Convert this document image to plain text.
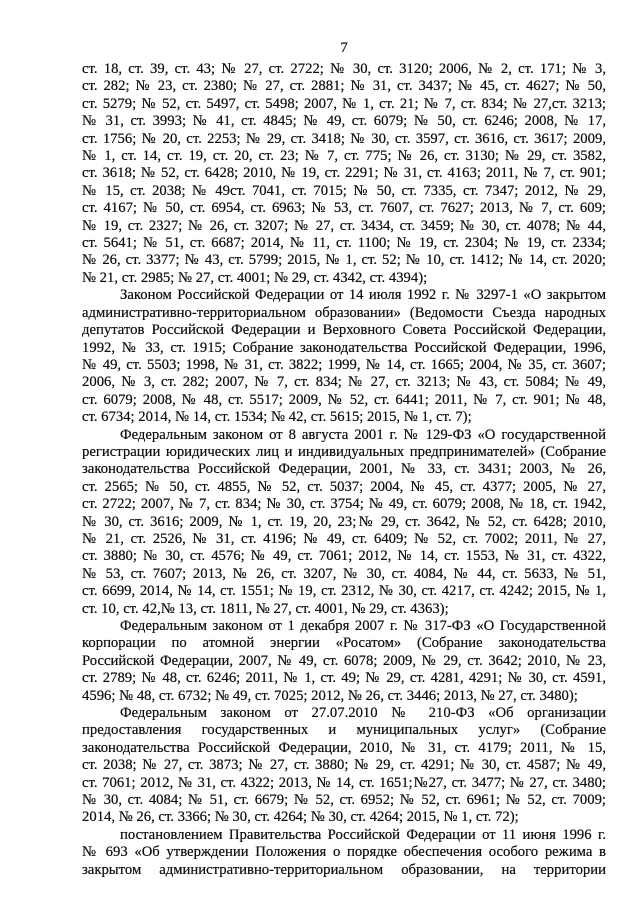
7
ст. 18, ст. 39, ст. 43; № 27, ст. 2722; № 30, ст. 3120; 2006, № 2, ст. 171; № 3,
ст. 282; № 23, ст. 2380; № 27, ст. 2881; № 31, ст. 3437; № 45, ст. 4627; № 50,
ст. 5279; № 52, ст. 5497, ст. 5498; 2007, № 1, ст. 21; № 7, ст. 834; № 27,ст. 3213;
№ 31, ст. 3993; № 41, ст. 4845; № 49, ст. 6079; № 50, ст. 6246; 2008, № 17,
ст. 1756; № 20, ст. 2253; № 29, ст. 3418; № 30, ст. 3597, ст. 3616, ст. 3617; 2009,
№ 1, ст. 14, ст. 19, ст. 20, ст. 23; № 7, ст. 775; № 26, ст. 3130; № 29, ст. 3582,
ст. 3618; № 52, ст. 6428; 2010, № 19, ст. 2291; № 31, ст. 4163; 2011, № 7, ст. 901;
№ 15, ст. 2038; № 49ст. 7041, ст. 7015; № 50, ст. 7335, ст. 7347; 2012, № 29,
ст. 4167; № 50, ст. 6954, ст. 6963; № 53, ст. 7607, ст. 7627; 2013, № 7, ст. 609;
№ 19, ст. 2327; № 26, ст. 3207; № 27, ст. 3434, ст. 3459; № 30, ст. 4078; № 44,
ст. 5641; № 51, ст. 6687; 2014, № 11, ст. 1100; № 19, ст. 2304; № 19, ст. 2334;
№ 26, ст. 3377; № 43, ст. 5799; 2015, № 1, ст. 52; № 10, ст. 1412; № 14, ст. 2020;
№ 21, ст. 2985; № 27, ст. 4001; № 29, ст. 4342, ст. 4394);
Законом Российской Федерации от 14 июля 1992 г. № 3297-1 «О закрытом
административно-территориальном образовании» (Ведомости Съезда народных
депутатов Российской Федерации и Верховного Совета Российской Федерации,
1992, № 33, ст. 1915; Собрание законодательства Российской Федерации, 1996,
№ 49, ст. 5503; 1998, № 31, ст. 3822; 1999, № 14, ст. 1665; 2004, № 35, ст. 3607;
2006, № 3, ст. 282; 2007, № 7, ст. 834; № 27, ст. 3213; № 43, ст. 5084; № 49,
ст. 6079; 2008, № 48, ст. 5517; 2009, № 52, ст. 6441; 2011, № 7, ст. 901; № 48,
ст. 6734; 2014, № 14, ст. 1534; № 42, ст. 5615; 2015, № 1, ст. 7);
Федеральным законом от 8 августа 2001 г. № 129-ФЗ «О государственной
регистрации юридических лиц и индивидуальных предпринимателей» (Собрание
законодательства Российской Федерации, 2001, № 33, ст. 3431; 2003, № 26,
ст. 2565; № 50, ст. 4855, № 52, ст. 5037; 2004, № 45, ст. 4377; 2005, № 27,
ст. 2722; 2007, № 7, ст. 834; № 30, ст. 3754; № 49, ст. 6079; 2008, № 18, ст. 1942,
№ 30, ст. 3616; 2009, № 1, ст. 19, 20, 23;№ 29, ст. 3642, № 52, ст. 6428; 2010,
№ 21, ст. 2526, № 31, ст. 4196; № 49, ст. 6409; № 52, ст. 7002; 2011, № 27,
ст. 3880; № 30, ст. 4576; № 49, ст. 7061; 2012, № 14, ст. 1553, № 31, ст. 4322,
№ 53, ст. 7607; 2013, № 26, ст. 3207, № 30, ст. 4084, № 44, ст. 5633, № 51,
ст. 6699, 2014, № 14, ст. 1551; № 19, ст. 2312, № 30, ст. 4217, ст. 4242; 2015, № 1,
ст. 10, ст. 42,№ 13, ст. 1811, № 27, ст. 4001, № 29, ст. 4363);
Федеральным законом от 1 декабря 2007 г. № 317-ФЗ «О Государственной
корпорации по атомной энергии «Росатом» (Собрание законодательства
Российской Федерации, 2007, № 49, ст. 6078; 2009, № 29, ст. 3642; 2010, № 23,
ст. 2789; № 48, ст. 6246; 2011, № 1, ст. 49; № 29, ст. 4281, 4291; № 30, ст. 4591,
4596; № 48, ст. 6732; № 49, ст. 7025; 2012, № 26, ст. 3446; 2013, № 27, ст. 3480);
Федеральным законом от 27.07.2010 № 210-ФЗ «Об организации
предоставления государственных и муниципальных услуг» (Собрание
законодательства Российской Федерации, 2010, № 31, ст. 4179; 2011, № 15,
ст. 2038; № 27, ст. 3873; № 27, ст. 3880; № 29, ст. 4291; № 30, ст. 4587; № 49,
ст. 7061; 2012, № 31, ст. 4322; 2013, № 14, ст. 1651;№27, ст. 3477; № 27, ст. 3480;
№ 30, ст. 4084; № 51, ст. 6679; № 52, ст. 6952; № 52, ст. 6961; № 52, ст. 7009;
2014, № 26, ст. 3366; № 30, ст. 4264; № 30, ст. 4264; 2015, № 1, ст. 72);
постановлением Правительства Российской Федерации от 11 июня 1996 г.
№ 693 «Об утверждении Положения о порядке обеспечения особого режима в
закрытом административно-территориальном образовании, на территории
